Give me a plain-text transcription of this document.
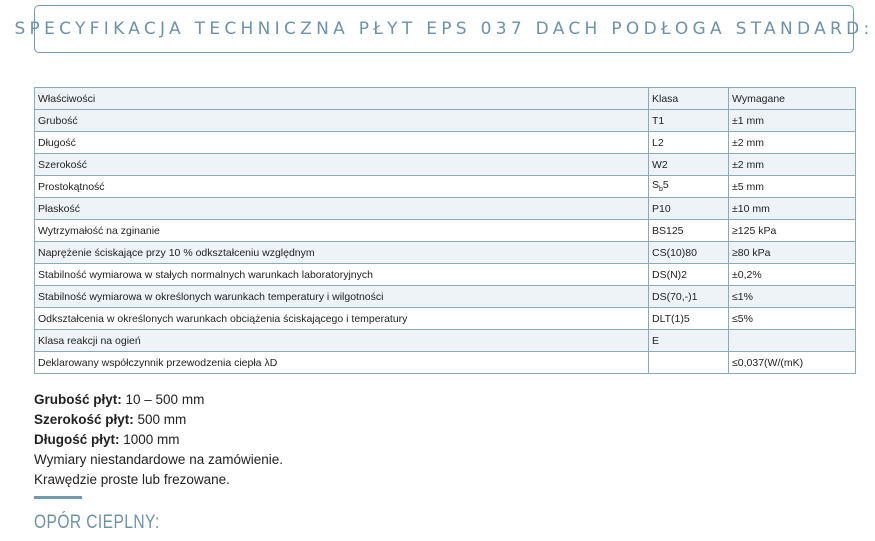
SPECYFIKACJA TECHNICZNA PŁYT EPS 037 DACH PODŁOGA STANDARD:
Właściwości	Klasa	Wymagane
Grubość	T1	±1 mm
Długość	L2	±2 mm
Szerokość	W2	±2 mm
Prostokątność	$S_b5$	±5 mm
Płaskość	P10	±10 mm
Wytrzymałość na zginanie	BS125	≥125 kPa
Naprężenie ściskające przy 10 % odkształceniu względnym	CS(10)80	≥80 kPa
Stabilność wymiarowa w stałych normalnych warunkach laboratoryjnych	DS(N)2	±0,2%
Stabilność wymiarowa w określonych warunkach temperatury i wilgotności	DS(70,-)1	≤1%
Odkształcenia w określonych warunkach obciążenia ściskającego i temperatury	DLT(1)5	≤5%
Klasa reakcji na ogień	E	
Deklarowany współczynnik przewodzenia ciepła λD		≤0,037(W/(mK)
Grubość płyt: 10 – 500 mm
Szerokość płyt: 500 mm
Długość płyt: 1000 mm
Wymiary niestandardowe na zamówienie.
Krawędzie proste lub frezowane.
OPÓR CIEPLNY:
